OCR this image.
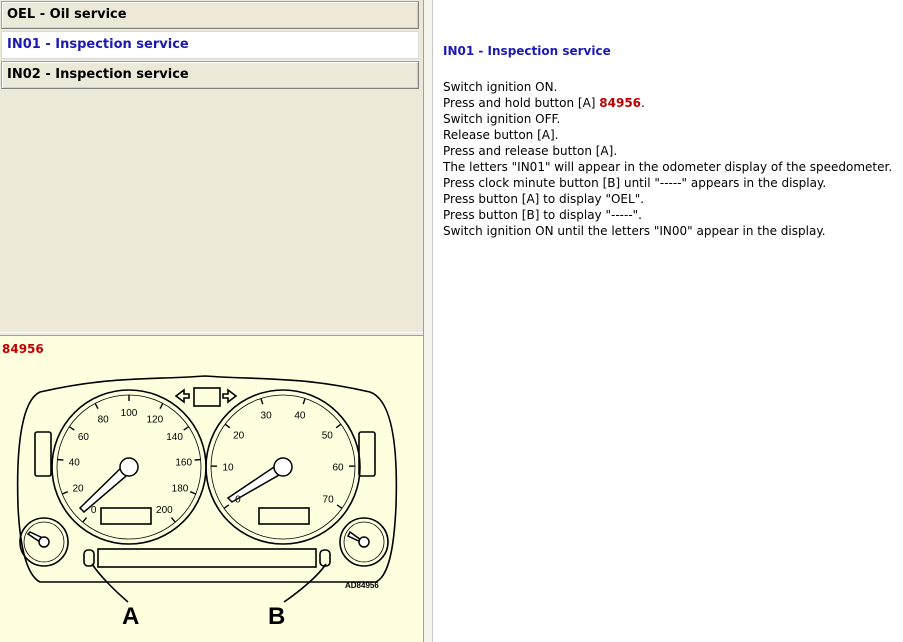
OEL - Oil service
IN01 - Inspection service
IN02 - Inspection service
0
20
40
60
80
100
120
140
160
180
200
0
10
20
30 40
50
60
70
AD84956
A	B
84956
IN01 - Inspection service
Switch ignition ON.
Press and hold button [A] 84956.
Switch ignition OFF.
Release button [A].
Press and release button [A].
The letters "IN01" will appear in the odometer display of the speedometer.
Press clock minute button [B] until "-----" appears in the display.
Press button [A] to display "OEL".
Press button [B] to display "-----".
Switch ignition ON until the letters "IN00" appear in the display.
